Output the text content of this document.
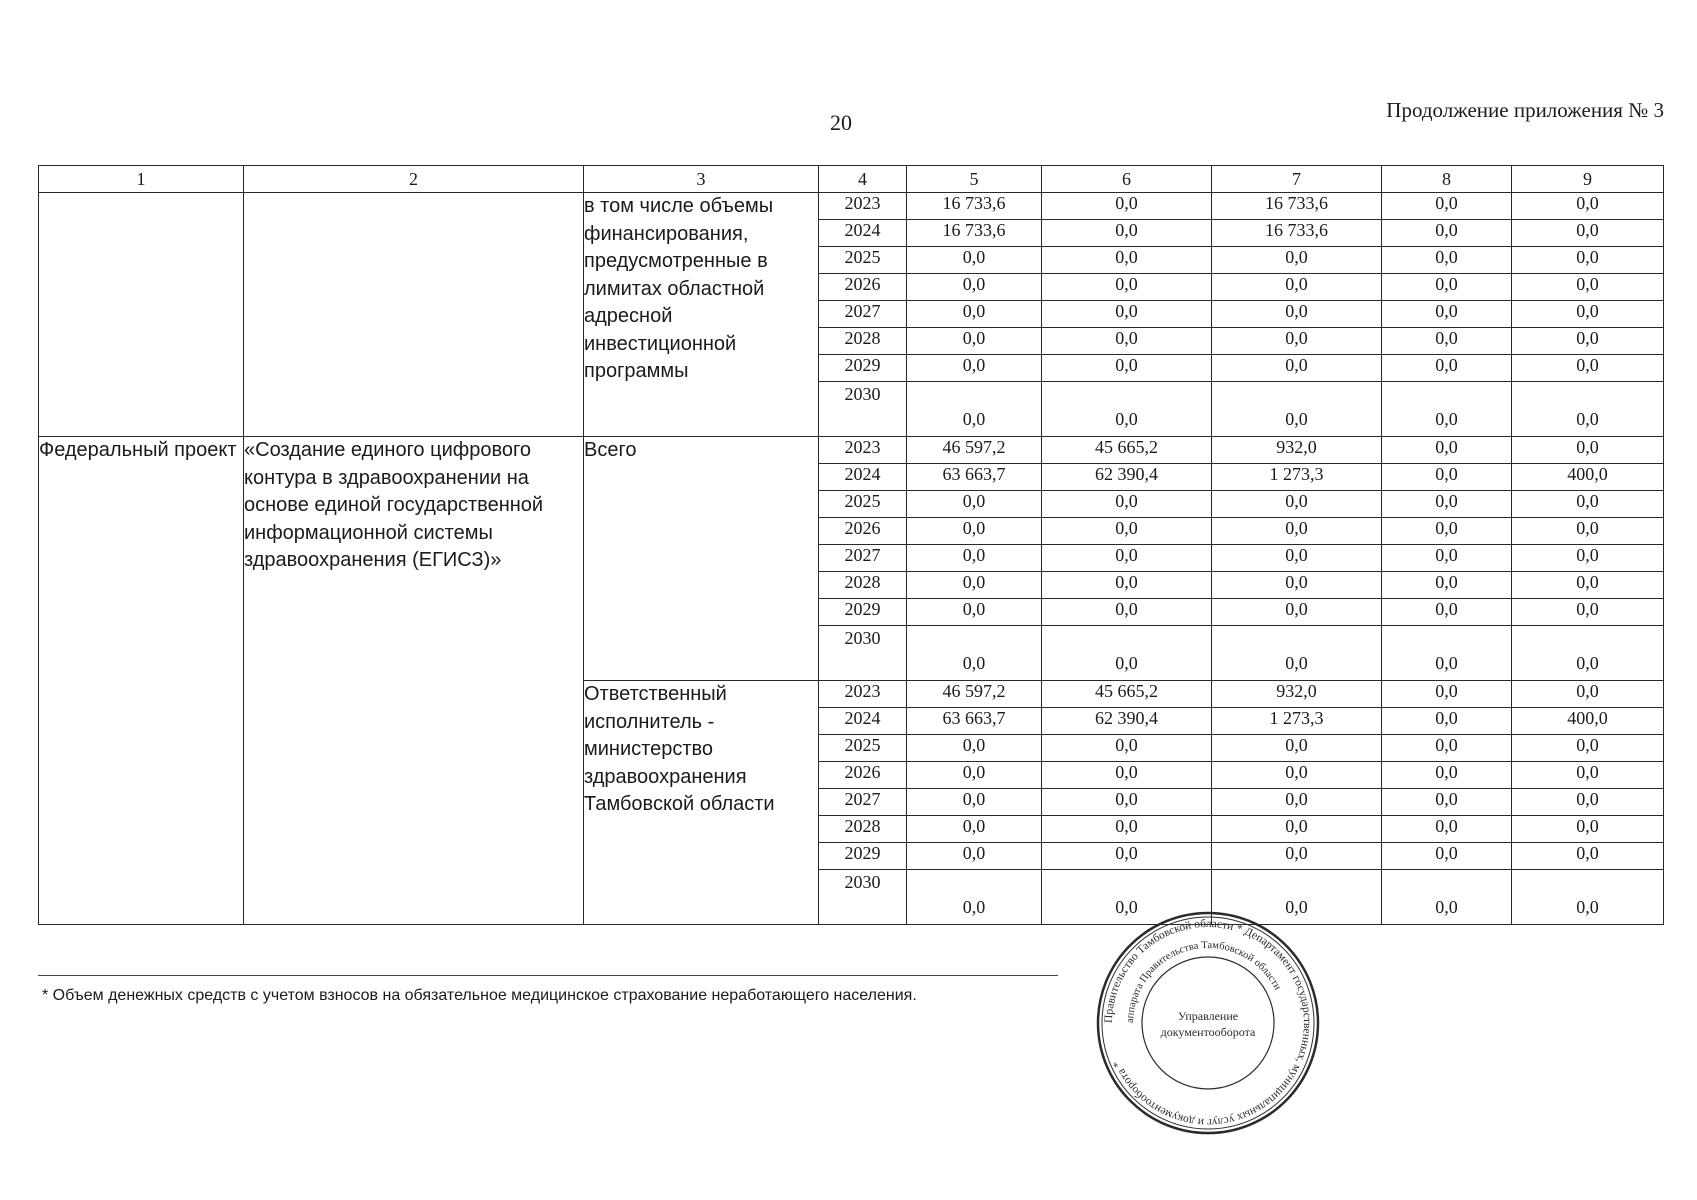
20	Продолжение приложения № 3
1	2	3	4	5	6	7	8	9
		в том числе объемы финансирования, предусмотренные в лимитах областной адресной инвестиционной программы	2023	16 733,6	0,0	16 733,6	0,0	0,0
			2024	16 733,6	0,0	16 733,6	0,0	0,0
			2025	0,0	0,0	0,0	0,0	0,0
			2026	0,0	0,0	0,0	0,0	0,0
			2027	0,0	0,0	0,0	0,0	0,0
			2028	0,0	0,0	0,0	0,0	0,0
			2029	0,0	0,0	0,0	0,0	0,0
			2030	0,0	0,0	0,0	0,0	0,0
Федеральный проект	«Создание единого цифрового контура в здравоохранении на основе единой государственной информационной системы здравоохранения (ЕГИСЗ)»	Всего	2023	46 597,2	45 665,2	932,0	0,0	0,0
			2024	63 663,7	62 390,4	1 273,3	0,0	400,0
			2025	0,0	0,0	0,0	0,0	0,0
			2026	0,0	0,0	0,0	0,0	0,0
			2027	0,0	0,0	0,0	0,0	0,0
			2028	0,0	0,0	0,0	0,0	0,0
			2029	0,0	0,0	0,0	0,0	0,0
			2030	0,0	0,0	0,0	0,0	0,0
		Ответственный исполнитель - министерство здравоохранения Тамбовской области	2023	46 597,2	45 665,2	932,0	0,0	0,0
			2024	63 663,7	62 390,4	1 273,3	0,0	400,0
			2025	0,0	0,0	0,0	0,0	0,0
			2026	0,0	0,0	0,0	0,0	0,0
			2027	0,0	0,0	0,0	0,0	0,0
			2028	0,0	0,0	0,0	0,0	0,0
			2029	0,0	0,0	0,0	0,0	0,0
			2030	0,0	0,0	0,0	0,0	0,0
* Объем денежных средств с учетом взносов на обязательное медицинское страхование неработающего населения.
Правительство Тамбовской области * Департамент государственных, муниципальных услуг и документооборота *
аппарата Правительства Тамбовской области
Управление
документооборота
